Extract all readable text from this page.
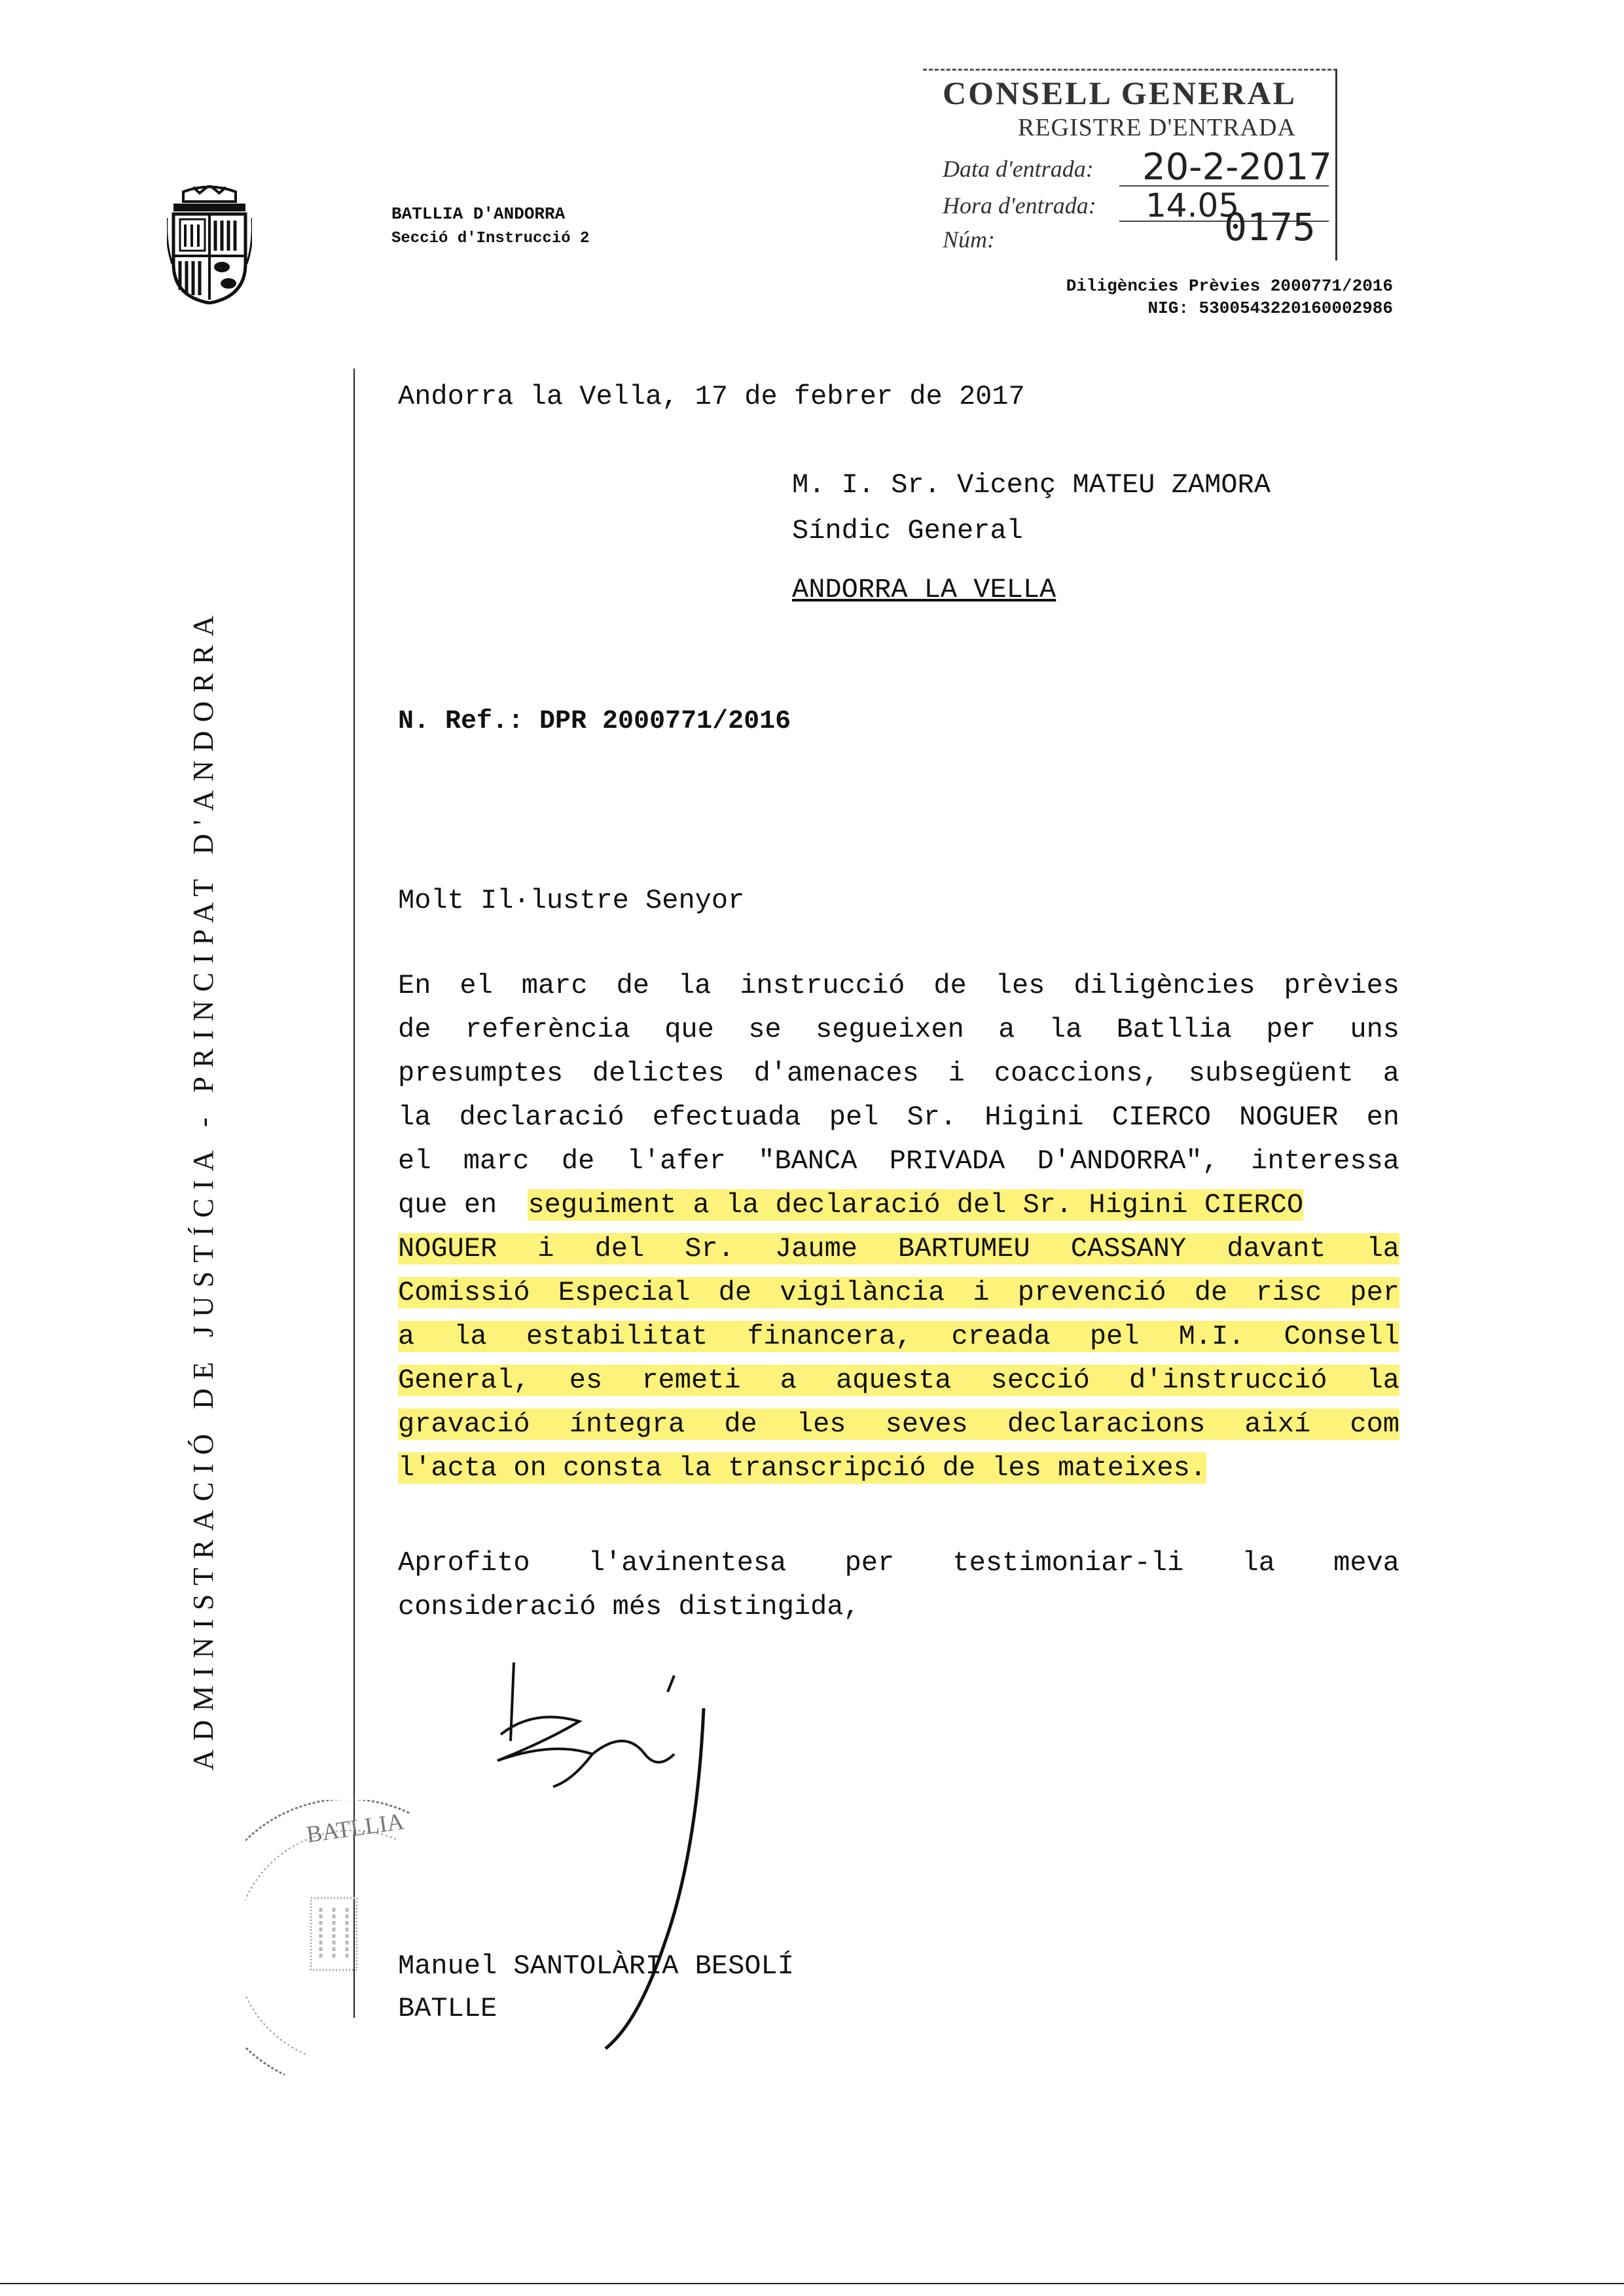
BATLLIA D'ANDORRA
Secció d'Instrucció 2
CONSELL GENERAL
REGISTRE D'ENTRADA
Data d'entrada: 20-2-2017
Hora d'entrada: 14.05
Núm:	0175
Diligències Prèvies 2000771/2016
NIG: 5300543220160002986
ADMINISTRACIÓ DE JUSTÍCIA - PRINCIPAT D'ANDORRA
Andorra la Vella, 17 de febrer de 2017
M. I. Sr. Vicenç MATEU ZAMORA
Síndic General
ANDORRA LA VELLA
N. Ref.: DPR 2000771/2016
Molt Il·lustre Senyor
En el marc de la instrucció de les diligències prèvies
de referència que se segueixen a la Batllia per uns
presumptes delictes d'amenaces i coaccions, subsegüent a
la declaració efectuada pel Sr. Higini CIERCO NOGUER en
el marc de l'afer "BANCA PRIVADA D'ANDORRA", interessa
que en seguiment a la declaració del Sr. Higini CIERCO
NOGUER i del Sr. Jaume BARTUMEU CASSANY davant la
Comissió Especial de vigilància i prevenció de risc per
a la estabilitat financera, creada pel M.I. Consell
General, es remeti a aquesta secció d'instrucció la
gravació íntegra de les seves declaracions així com
l'acta on consta la transcripció de les mateixes.
Aprofito l'avinentesa per testimoniar-li la meva
consideració més distingida,
BATLLIA
Manuel SANTOLÀRIA BESOLÍ
BATLLE
